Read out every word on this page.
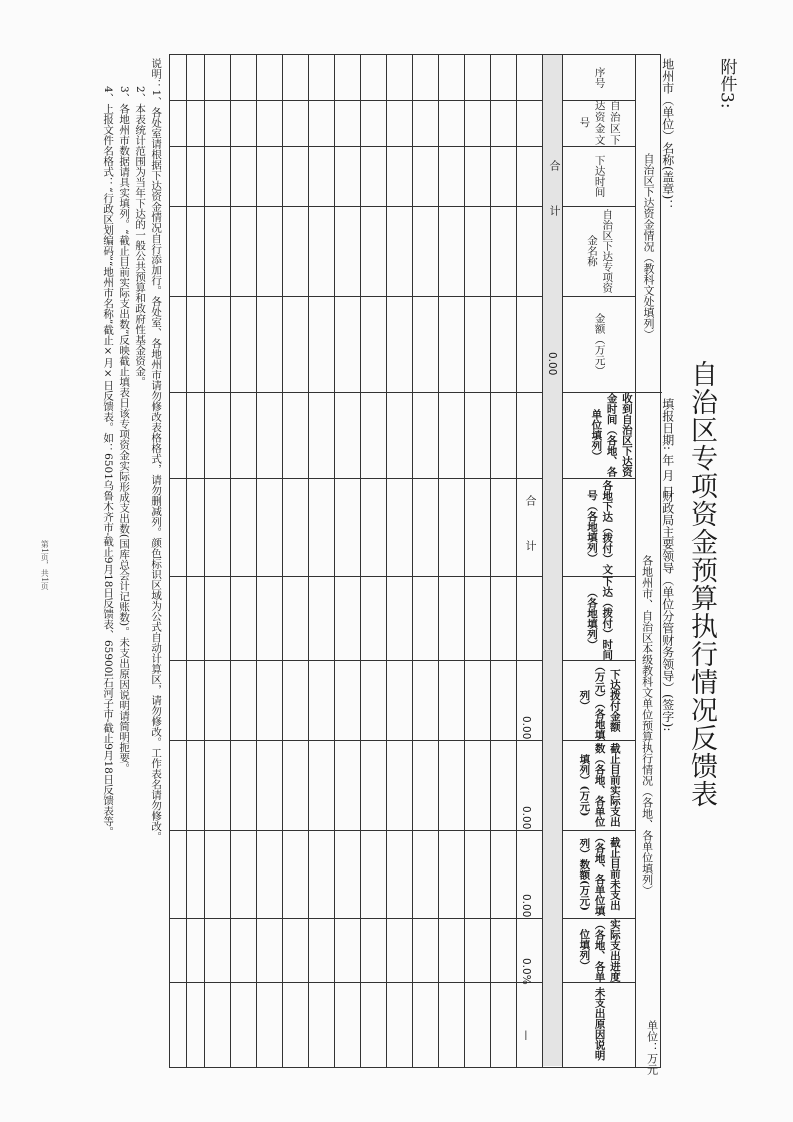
附件3:
自治区专项资金预算执行情况反馈表
地州市（单位）名称(盖章)：
填报日期: 年 月 日
财政局主要领导（单位分管财务领导）(签字):
各地州市、自治区本级教科文单位预算执行情况（各地、各单位填列）
单位：万元
自治区下达资金情况（教科文处填列）
序号
自治区下达资金文号
下达时间
自治区下达专项资金名称
金额（万元）
收到自治区下达资金时间（各地、各单位填列）
各地下达（拨付）文号（各地填列）
下达（拨付）时间（各地填列）
下达拨付金额（万元）（各地填列）
截止目前实际支出数（各地、各单位填列）(万元)
截止目前未支出（各地、各单位填列）数额(万元)
实际支出进度（各地、各单位填列）
未支出原因说明
合　　计
合　　计
0.00
0.00
0.00
0.00
0.0%
—
说明：1、各处室请根据下达资金情况自行添加行。各处室、各地州市请勿修改表格格式，请勿删减列。颜色标识区域为公式自动计算区，请勿修改。工作表名请勿修改。
2、本表统计范围为当年下达的一般公共预算和政府性基金资金。
3、各地州市数据请具实填列。“截止目前实际支出数”反映截止填表日该专项资金实际形成支出数(国库总会计记账数)。未支出原因说明请简明扼要。
4、上报文件名格式：“行政区划编码”“地州市名称”截止×月×日反馈表。如：6501乌鲁木齐市-截止9月18日反馈表、65900l石河子市-截止9月18日反馈表等。
第1页，共1页
